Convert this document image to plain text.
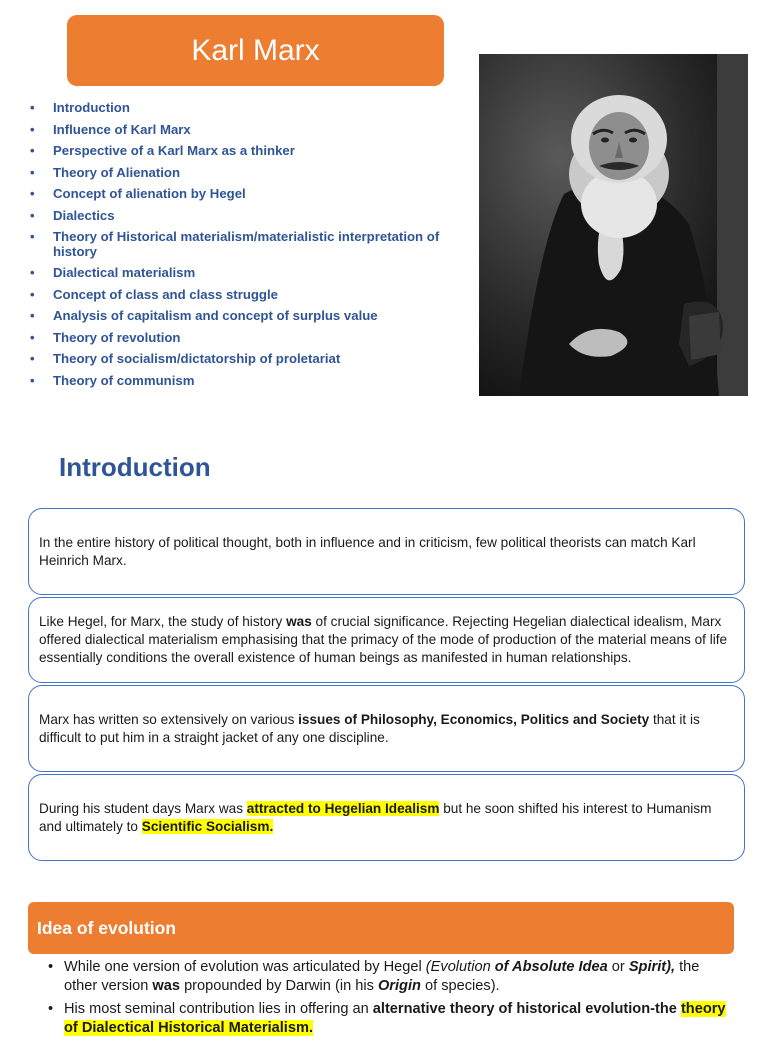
Karl Marx
• Introduction
• Influence of Karl Marx
• Perspective of a Karl Marx as a thinker
• Theory of Alienation
• Concept of alienation by Hegel
• Dialectics
• Theory of Historical materialism/materialistic interpretation of history
• Dialectical materialism
• Concept of class and class struggle
• Analysis of capitalism and concept of surplus value
• Theory of revolution
• Theory of socialism/dictatorship of proletariat
• Theory of communism
Introduction

In the entire history of political thought, both in influence and in criticism, few political theorists can match Karl Heinrich Marx.

Like Hegel, for Marx, the study of history was of crucial significance. Rejecting Hegelian dialectical idealism, Marx offered dialectical materialism emphasising that the primacy of the mode of production of the material means of life essentially conditions the overall existence of human beings as manifested in human relationships.

Marx has written so extensively on various issues of Philosophy, Economics, Politics and Society that it is difficult to put him in a straight jacket of any one discipline.

During his student days Marx was attracted to Hegelian Idealism but he soon shifted his interest to Humanism and ultimately to Scientific Socialism.

Idea of evolution
• While one version of evolution was articulated by Hegel (Evolution of Absolute Idea or Spirit), the other version was propounded by Darwin (in his Origin of species).
• His most seminal contribution lies in offering an alternative theory of historical evolution-the theory of Dialectical Historical Materialism.
